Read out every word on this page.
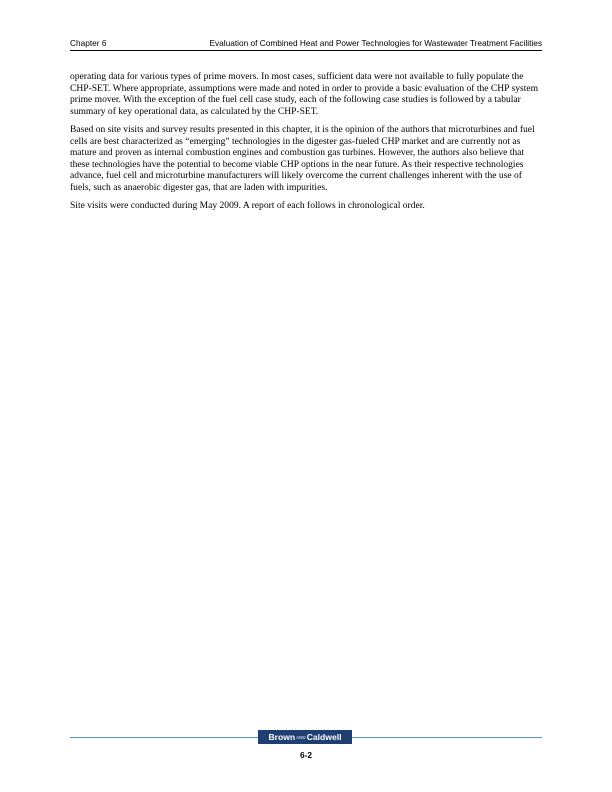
Chapter 6	Evaluation of Combined Heat and Power Technologies for Wastewater Treatment Facilities

operating data for various types of prime movers. In most cases, sufficient data were not available to fully populate the CHP-SET. Where appropriate, assumptions were made and noted in order to provide a basic evaluation of the CHP system prime mover. With the exception of the fuel cell case study, each of the following case studies is followed by a tabular summary of key operational data, as calculated by the CHP-SET.

Based on site visits and survey results presented in this chapter, it is the opinion of the authors that microturbines and fuel cells are best characterized as “emerging” technologies in the digester gas-fueled CHP market and are currently not as mature and proven as internal combustion engines and combustion gas turbines. However, the authors also believe that these technologies have the potential to become viable CHP options in the near future. As their respective technologies advance, fuel cell and microturbine manufacturers will likely overcome the current challenges inherent with the use of fuels, such as anaerobic digester gas, that are laden with impurities.

Site visits were conducted during May 2009. A report of each follows in chronological order.

BrownANDCaldwell
6-2
